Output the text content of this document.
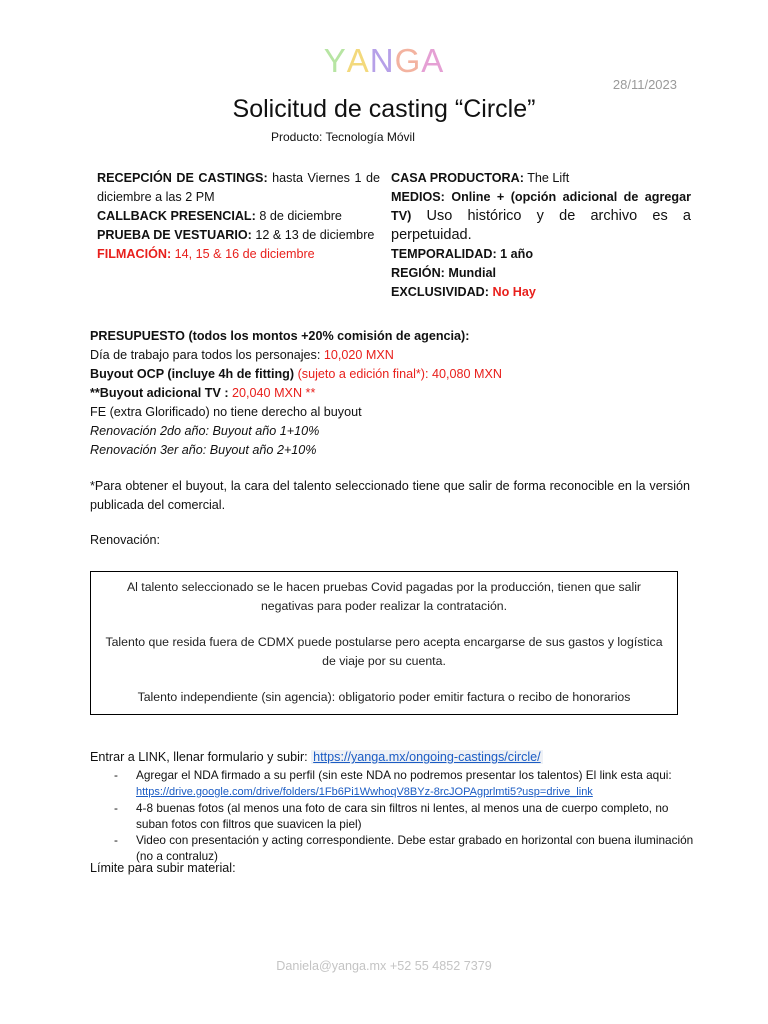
YANGA
28/11/2023
Solicitud de casting “Circle”
Producto: Tecnología Móvil

RECEPCIÓN DE CASTINGS: hasta Viernes 1 de diciembre a las 2 PM

CALLBACK PRESENCIAL: 8 de diciembre

PRUEBA DE VESTUARIO: 12 & 13 de diciembre

FILMACIÓN: 14, 15 & 16 de diciembre

CASA PRODUCTORA: The Lift

MEDIOS: Online + (opción adicional de agregar TV) Uso histórico y de archivo es a perpetuidad.

TEMPORALIDAD: 1 año

REGIÓN: Mundial

EXCLUSIVIDAD: No Hay

PRESUPUESTO (todos los montos +20% comisión de agencia):

Día de trabajo para todos los personajes: 10,020 MXN

Buyout OCP (incluye 4h de fitting) (sujeto a edición final*): 40,080 MXN

**Buyout adicional TV : 20,040 MXN **

FE (extra Glorificado) no tiene derecho al buyout

Renovación 2do año: Buyout año 1+10%

Renovación 3er año: Buyout año 2+10%

*Para obtener el buyout, la cara del talento seleccionado tiene que salir de forma reconocible en la versión publicada del comercial.
Renovación:

Al talento seleccionado se le hacen pruebas Covid pagadas por la producción, tienen que salir negativas para poder realizar la contratación.

Talento que resida fuera de CDMX puede postularse pero acepta encargarse de sus gastos y logística de viaje por su cuenta.

Talento independiente (sin agencia): obligatorio poder emitir factura o recibo de honorarios

Entrar a LINK, llenar formulario y subir: https://yanga.mx/ongoing-castings/circle/
- Agregar el NDA firmado a su perfil (sin este NDA no podremos presentar los talentos) El link esta aqui:
https://drive.google.com/drive/folders/1Fb6Pi1WwhoqV8BYz-8rcJOPAgprlmti5?usp=drive_link
- 4-8 buenas fotos (al menos una foto de cara sin filtros ni lentes, al menos una de cuerpo completo, no suban fotos con filtros que suavicen la piel)
- Video con presentación y acting correspondiente. Debe estar grabado en horizontal con buena iluminación (no a contraluz)
Límite para subir material:
Daniela@yanga.mx +52 55 4852 7379
